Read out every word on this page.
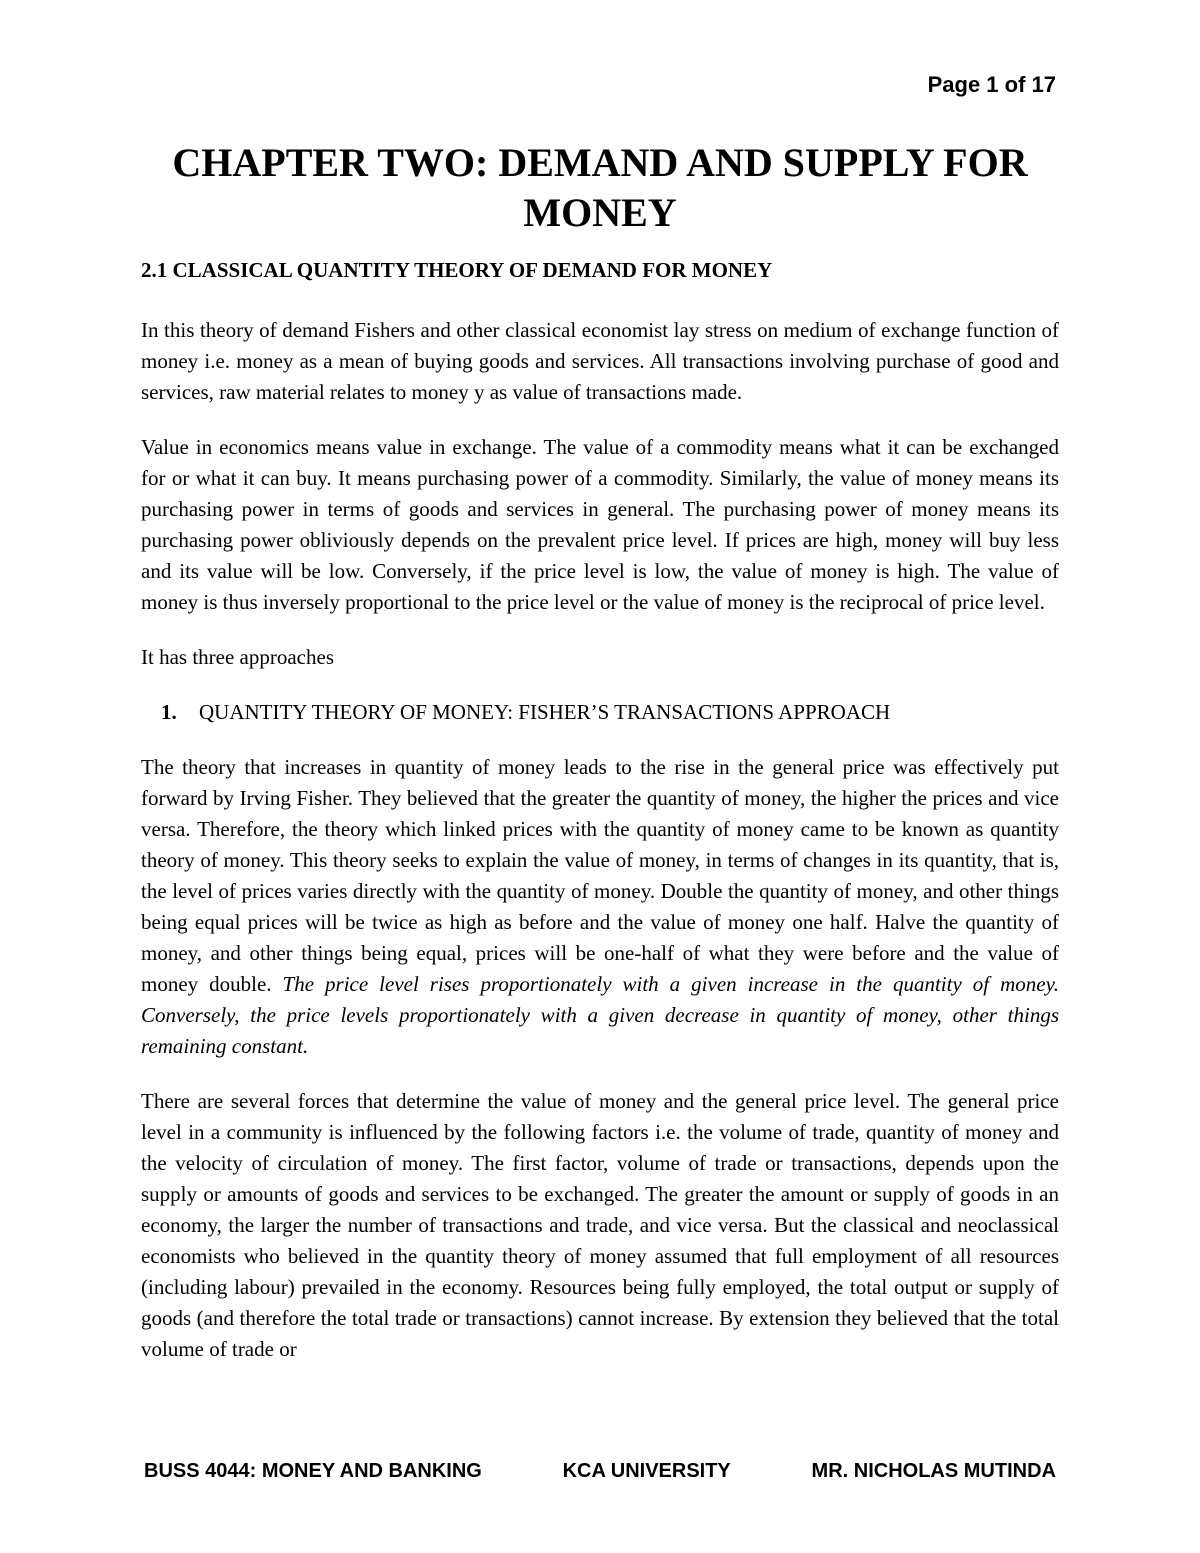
Page 1 of 17
CHAPTER TWO: DEMAND AND SUPPLY FOR
MONEY

2.1 CLASSICAL QUANTITY THEORY OF DEMAND FOR MONEY

In this theory of demand Fishers and other classical economist lay stress on medium of exchange function of money i.e. money as a mean of buying goods and services. All transactions involving purchase of good and services, raw material relates to money y as value of transactions made.

Value in economics means value in exchange. The value of a commodity means what it can be exchanged for or what it can buy. It means purchasing power of a commodity. Similarly, the value of money means its purchasing power in terms of goods and services in general. The purchasing power of money means its purchasing power obliviously depends on the prevalent price level. If prices are high, money will buy less and its value will be low. Conversely, if the price level is low, the value of money is high. The value of money is thus inversely proportional to the price level or the value of money is the reciprocal of price level.

It has three approaches

1. QUANTITY THEORY OF MONEY: FISHER’S TRANSACTIONS APPROACH

The theory that increases in quantity of money leads to the rise in the general price was effectively put forward by Irving Fisher. They believed that the greater the quantity of money, the higher the prices and vice versa. Therefore, the theory which linked prices with the quantity of money came to be known as quantity theory of money. This theory seeks to explain the value of money, in terms of changes in its quantity, that is, the level of prices varies directly with the quantity of money. Double the quantity of money, and other things being equal prices will be twice as high as before and the value of money one half. Halve the quantity of money, and other things being equal, prices will be one-half of what they were before and the value of money double. The price level rises proportionately with a given increase in the quantity of money. Conversely, the price levels proportionately with a given decrease in quantity of money, other things remaining constant.

There are several forces that determine the value of money and the general price level. The general price level in a community is influenced by the following factors i.e. the volume of trade, quantity of money and the velocity of circulation of money. The first factor, volume of trade or transactions, depends upon the supply or amounts of goods and services to be exchanged. The greater the amount or supply of goods in an economy, the larger the number of transactions and trade, and vice versa. But the classical and neoclassical economists who believed in the quantity theory of money assumed that full employment of all resources (including labour) prevailed in the economy. Resources being fully employed, the total output or supply of goods (and therefore the total trade or transactions) cannot increase. By extension they believed that the total volume of trade or

BUSS 4044: MONEY AND BANKING	KCA UNIVERSITY	MR. NICHOLAS MUTINDA
